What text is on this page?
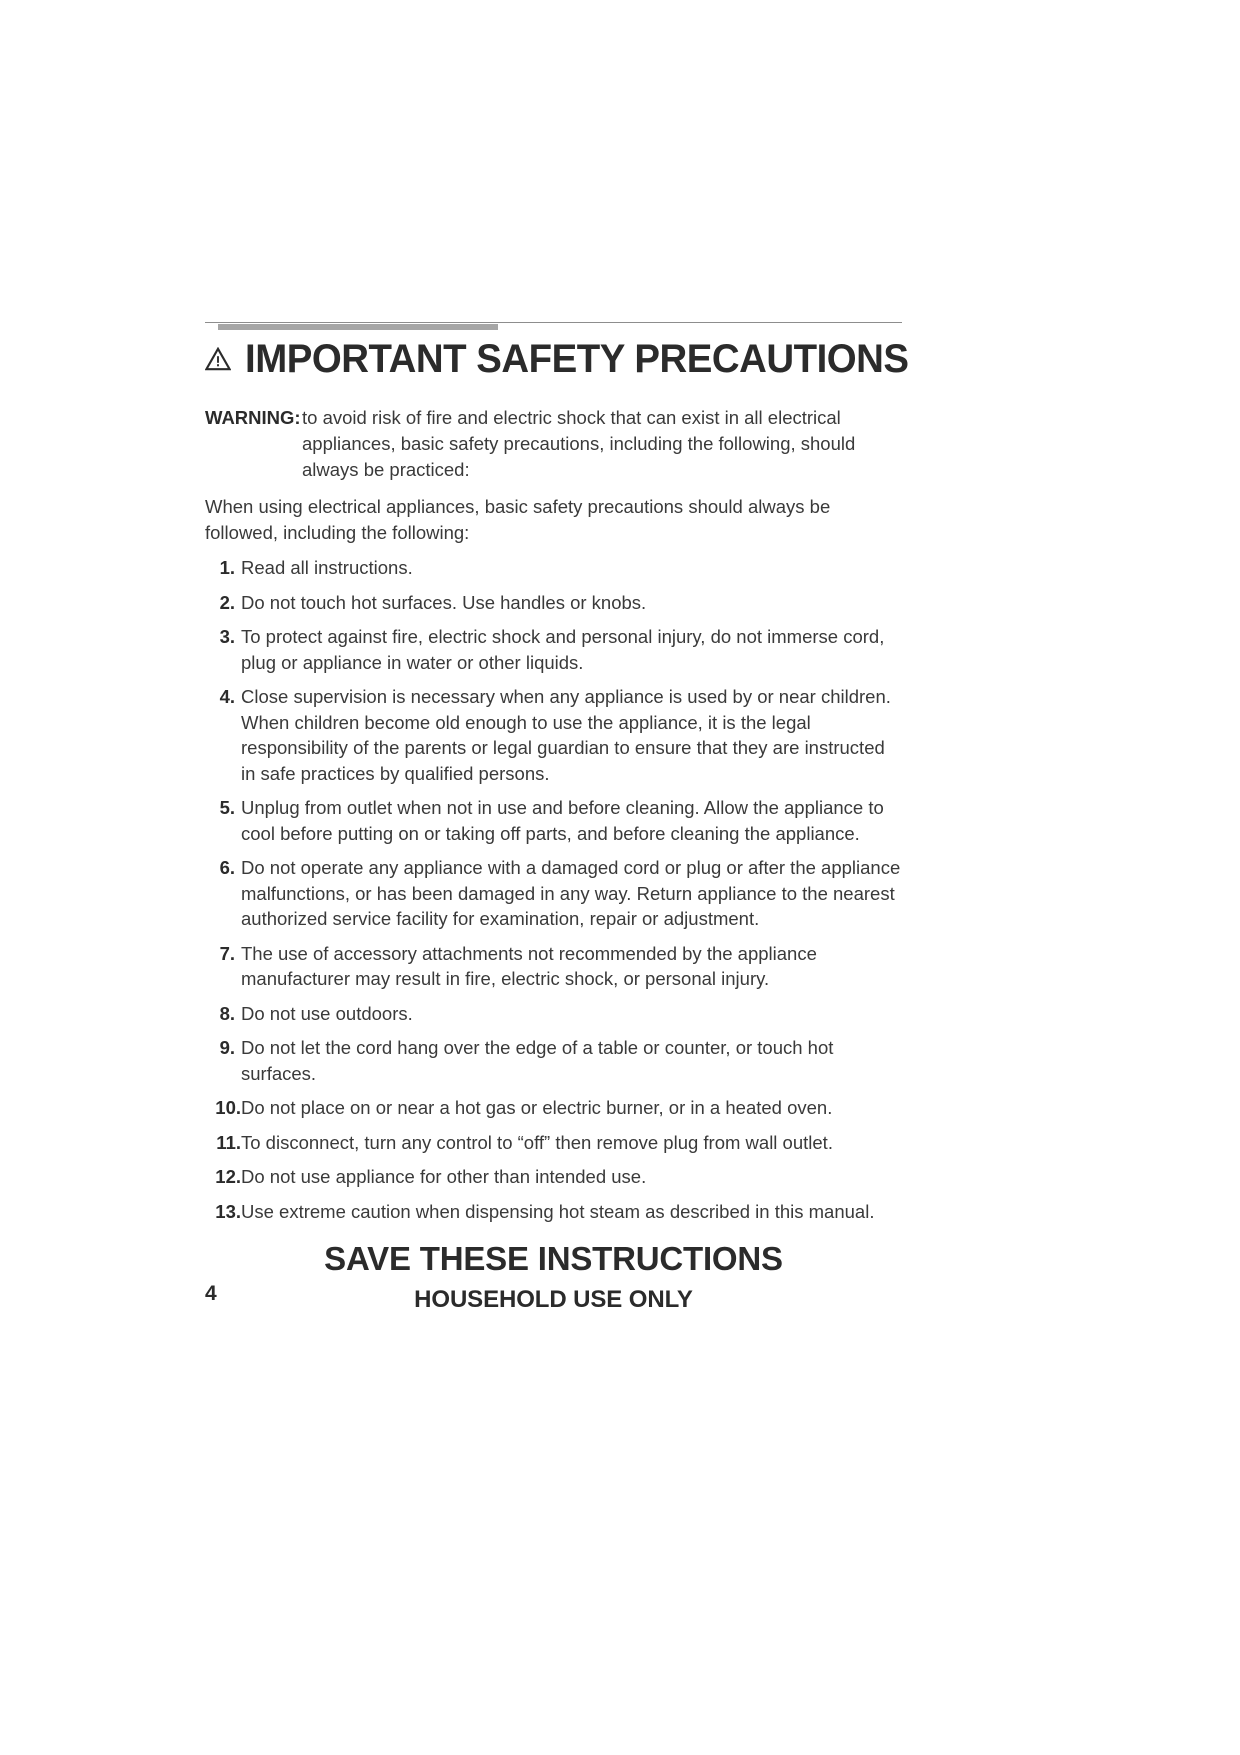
IMPORTANT SAFETY PRECAUTIONS
WARNING: to avoid risk of fire and electric shock that can exist in all electrical appliances, basic safety precautions, including the following, should always be practiced:
When using electrical appliances, basic safety precautions should always be followed, including the following:
1. Read all instructions.
2. Do not touch hot surfaces. Use handles or knobs.
3. To protect against fire, electric shock and personal injury, do not immerse cord, plug or appliance in water or other liquids.
4. Close supervision is necessary when any appliance is used by or near children. When children become old enough to use the appliance, it is the legal responsibility of the parents or legal guardian to ensure that they are instructed in safe practices by qualified persons.
5. Unplug from outlet when not in use and before cleaning. Allow the appliance to cool before putting on or taking off parts, and before cleaning the appliance.
6. Do not operate any appliance with a damaged cord or plug or after the appliance malfunctions, or has been damaged in any way. Return appliance to the nearest authorized service facility for examination, repair or adjustment.
7. The use of accessory attachments not recommended by the appliance manufacturer may result in fire, electric shock, or personal injury.
8. Do not use outdoors.
9. Do not let the cord hang over the edge of a table or counter, or touch hot surfaces.
10. Do not place on or near a hot gas or electric burner, or in a heated oven.
11. To disconnect, turn any control to “off” then remove plug from wall outlet.
12. Do not use appliance for other than intended use.
13. Use extreme caution when dispensing hot steam as described in this manual.
SAVE THESE INSTRUCTIONS
HOUSEHOLD USE ONLY
4
